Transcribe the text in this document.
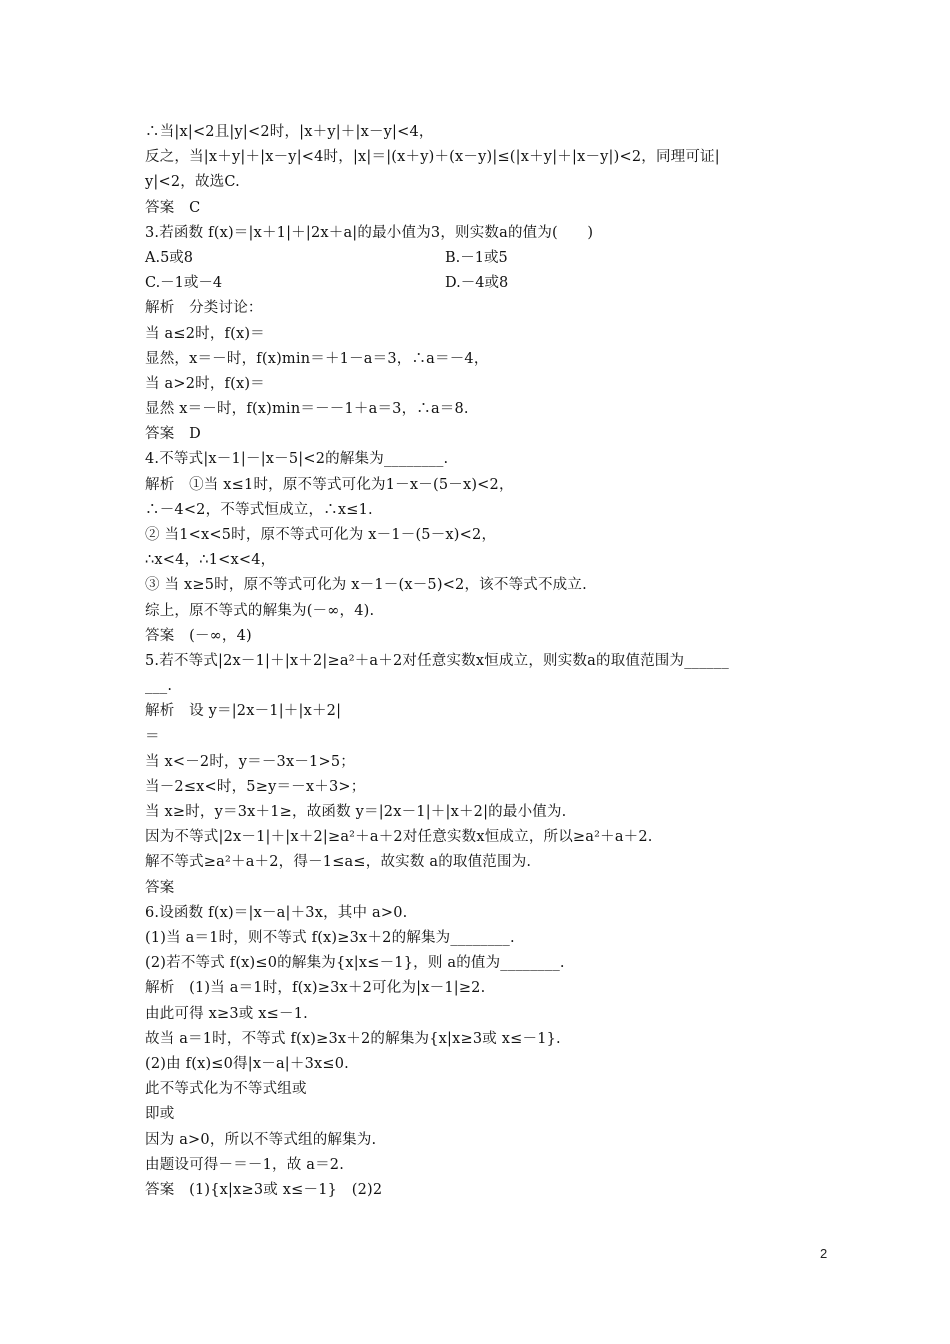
∴当|x|<2且|y|<2时，|x＋y|＋|x－y|<4，
反之，当|x＋y|＋|x－y|<4时，|x|＝|(x＋y)＋(x－y)|≤(|x＋y|＋|x－y|)<2，同理可证|
y|<2，故选C.
答案　C
3.若函数 f(x)＝|x＋1|＋|2x＋a|的最小值为3，则实数a的值为(　　)
A.5或8	B.－1或5
C.－1或－4	D.－4或8
解析　分类讨论：
当 a≤2时，f(x)＝
显然，x＝－时，f(x)min＝＋1－a＝3，∴a＝－4，
当 a>2时，f(x)＝
显然 x＝－时，f(x)min＝－－1＋a＝3，∴a＝8.
答案　D
4.不等式|x－1|－|x－5|<2的解集为________.
解析　①当 x≤1时，原不等式可化为1－x－(5－x)<2，
∴－4<2，不等式恒成立，∴x≤1.
② 当1<x<5时，原不等式可化为 x－1－(5－x)<2，
∴x<4，∴1<x<4，
③ 当 x≥5时，原不等式可化为 x－1－(x－5)<2，该不等式不成立.
综上，原不等式的解集为(－∞，4).
答案　(－∞，4)
5.若不等式|2x－1|＋|x＋2|≥a²＋a＋2对任意实数x恒成立，则实数a的取值范围为______
___.
解析　设 y＝|2x－1|＋|x＋2|
＝
当 x<－2时，y＝－3x－1>5；
当－2≤x<时，5≥y＝－x＋3>；
当 x≥时，y＝3x＋1≥，故函数 y＝|2x－1|＋|x＋2|的最小值为.
因为不等式|2x－1|＋|x＋2|≥a²＋a＋2对任意实数x恒成立，所以≥a²＋a＋2.
解不等式≥a²＋a＋2，得－1≤a≤，故实数 a的取值范围为.
答案
6.设函数 f(x)＝|x－a|＋3x，其中 a>0.
(1)当 a＝1时，则不等式 f(x)≥3x＋2的解集为________.
(2)若不等式 f(x)≤0的解集为{x|x≤－1}，则 a的值为________.
解析　(1)当 a＝1时，f(x)≥3x＋2可化为|x－1|≥2.
由此可得 x≥3或 x≤－1.
故当 a＝1时，不等式 f(x)≥3x＋2的解集为{x|x≥3或 x≤－1}.
(2)由 f(x)≤0得|x－a|＋3x≤0.
此不等式化为不等式组或
即或
因为 a>0，所以不等式组的解集为.
由题设可得－＝－1，故 a＝2.
答案　(1){x|x≥3或 x≤－1}　(2)2
2
